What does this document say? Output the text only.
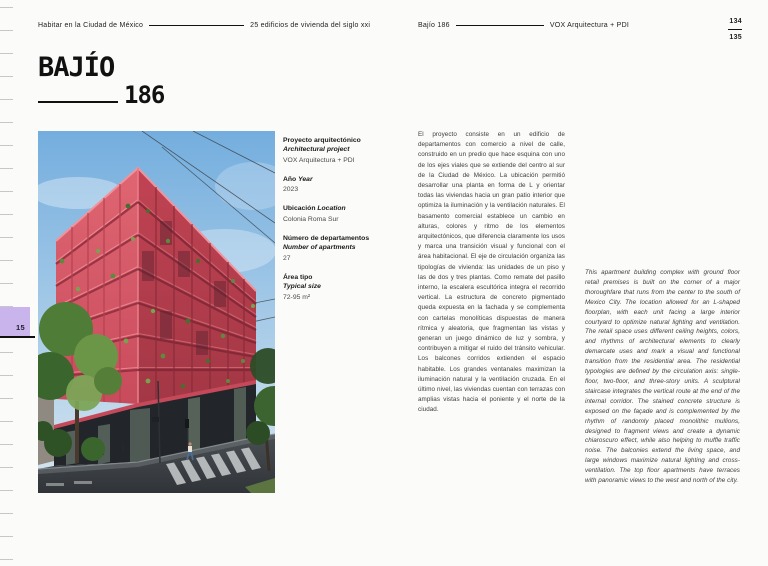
15
Habitar en la Ciudad de México	25 edificios de vivienda del siglo xxi	Bajío 186	VOX Arquitectura + PDI	134
135
BAJÍO
186
Proyecto arquitectónico
Architectural project
VOX Arquitectura + PDI
Año Year
2023
Ubicación Location
Colonia Roma Sur
Número de departamentos
Number of apartments
27
Área tipo
Typical size
72-95 m²
El proyecto consiste en un edificio de departamentos con comercio a nivel de calle, construido en un predio que hace esquina con uno de los ejes viales que se extiende del centro al sur de la Ciudad de México. La ubicación permitió desarrollar una planta en forma de L y orientar todas las viviendas hacia un gran patio interior que optimiza la iluminación y la ventilación naturales. El basamento comercial establece un cambio en alturas, colores y ritmo de los elementos arquitectónicos, que diferencia claramente los usos y marca una transición visual y funcional con el área habitacional. El eje de circulación organiza las tipologías de vivienda: las unidades de un piso y las de dos y tres plantas. Como remate del pasillo interno, la escalera escultórica integra el recorrido vertical. La estructura de concreto pigmentado queda expuesta en la fachada y se complementa con cartelas monolíticas dispuestas de manera rítmica y aleatoria, que fragmentan las vistas y generan un juego dinámico de luz y sombra, y contribuyen a mitigar el ruido del tránsito vehicular. Los balcones corridos extienden el espacio habitable. Los grandes ventanales maximizan la iluminación natural y la ventilación cruzada. En el último nivel, las viviendas cuentan con terrazas con amplias vistas hacia el poniente y el norte de la ciudad.
This apartment building complex with ground floor retail premises is built on the corner of a major thoroughfare that runs from the center to the south of Mexico City. The location allowed for an L-shaped floorplan, with each unit facing a large interior courtyard to optimize natural lighting and ventilation. The retail space uses different ceiling heights, colors, and rhythms of architectural elements to clearly demarcate uses and mark a visual and functional transition from the residential area. The residential typologies are defined by the circulation axis: single-floor, two-floor, and three-story units. A sculptural staircase integrates the vertical route at the end of the internal corridor. The stained concrete structure is exposed on the façade and is complemented by the rhythm of randomly placed monolithic mullions, designed to fragment views and create a dynamic chiaroscuro effect, while also helping to muffle traffic noise. The balconies extend the living space, and large windows maximize natural lighting and cross-ventilation. The top floor apartments have terraces with panoramic views to the west and north of the city.
